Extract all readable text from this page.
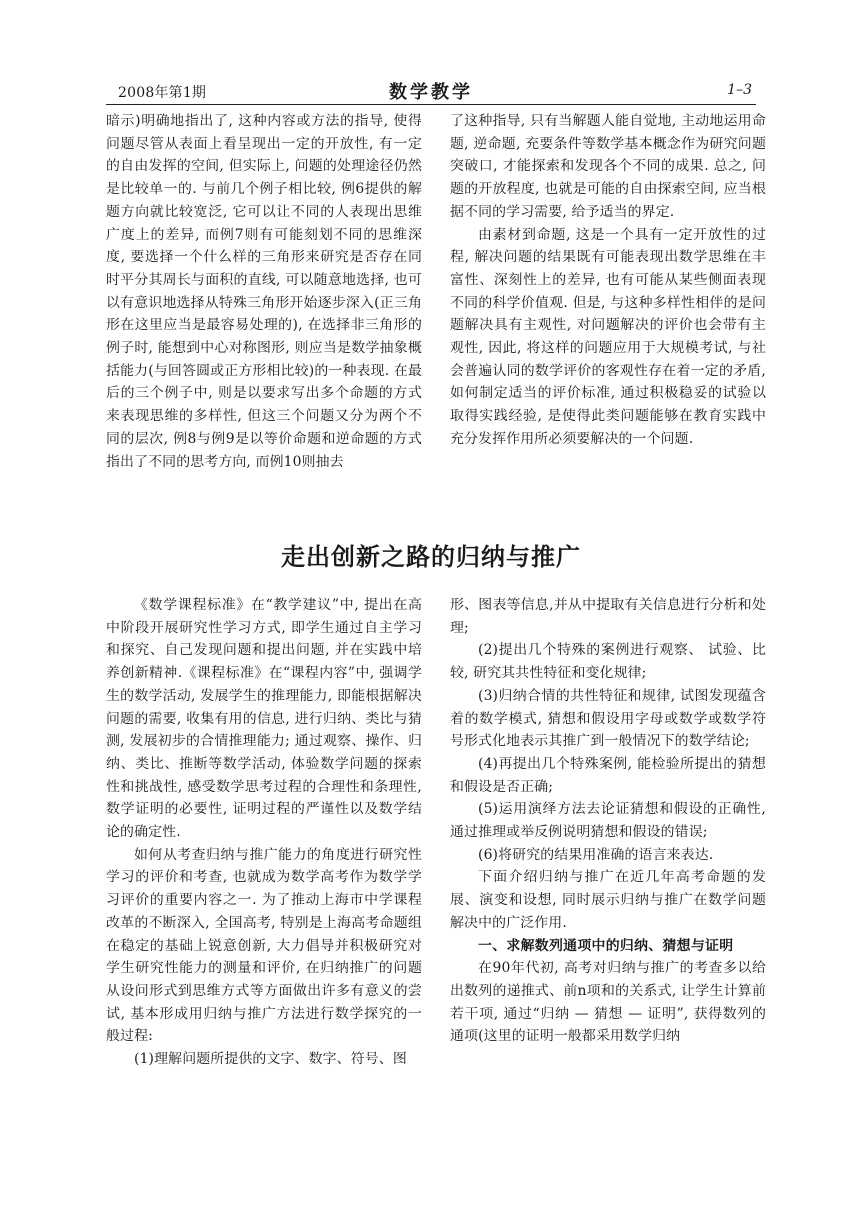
2008年第1期	数学教学	1–3

暗示)明确地指出了, 这种内容或方法的指导, 使得问题尽管从表面上看呈现出一定的开放性, 有一定的自由发挥的空间, 但实际上, 问题的处理途径仍然是比较单一的. 与前几个例子相比较, 例6提供的解题方向就比较宽泛, 它可以让不同的人表现出思维广度上的差异, 而例7则有可能刻划不同的思维深度, 要选择一个什么样的三角形来研究是否存在同时平分其周长与面积的直线, 可以随意地选择, 也可以有意识地选择从特殊三角形开始逐步深入(正三角形在这里应当是最容易处理的), 在选择非三角形的例子时, 能想到中心对称图形, 则应当是数学抽象概括能力(与回答圆或正方形相比较)的一种表现. 在最后的三个例子中, 则是以要求写出多个命题的方式来表现思维的多样性, 但这三个问题又分为两个不同的层次, 例8与例9是以等价命题和逆命题的方式指出了不同的思考方向, 而例10则抽去

了这种指导, 只有当解题人能自觉地, 主动地运用命题, 逆命题, 充要条件等数学基本概念作为研究问题突破口, 才能探索和发现各个不同的成果. 总之, 问题的开放程度, 也就是可能的自由探索空间, 应当根据不同的学习需要, 给予适当的界定.

由素材到命题, 这是一个具有一定开放性的过程, 解决问题的结果既有可能表现出数学思维在丰富性、深刻性上的差异, 也有可能从某些侧面表现不同的科学价值观. 但是, 与这种多样性相伴的是问题解决具有主观性, 对问题解决的评价也会带有主观性, 因此, 将这样的问题应用于大规模考试, 与社会普遍认同的数学评价的客观性存在着一定的矛盾, 如何制定适当的评价标准, 通过积极稳妥的试验以取得实践经验, 是使得此类问题能够在教育实践中充分发挥作用所必须要解决的一个问题.

走出创新之路的归纳与推广

《数学课程标准》在“教学建议”中, 提出在高中阶段开展研究性学习方式, 即学生通过自主学习和探究、自己发现问题和提出问题, 并在实践中培养创新精神.《课程标准》在“课程内容”中, 强调学生的数学活动, 发展学生的推理能力, 即能根据解决问题的需要, 收集有用的信息, 进行归纳、类比与猜测, 发展初步的合情推理能力; 通过观察、操作、归纳、类比、推断等数学活动, 体验数学问题的探索性和挑战性, 感受数学思考过程的合理性和条理性, 数学证明的必要性, 证明过程的严谨性以及数学结论的确定性.

如何从考查归纳与推广能力的角度进行研究性学习的评价和考查, 也就成为数学高考作为数学学习评价的重要内容之一. 为了推动上海市中学课程改革的不断深入, 全国高考, 特别是上海高考命题组在稳定的基础上锐意创新, 大力倡导并积极研究对学生研究性能力的测量和评价, 在归纳推广的问题从设问形式到思维方式等方面做出许多有意义的尝试, 基本形成用归纳与推广方法进行数学探究的一般过程:

(1)理解问题所提供的文字、数字、符号、图

形、图表等信息,并从中提取有关信息进行分析和处理;

(2)提出几个特殊的案例进行观察、 试验、比较, 研究其共性特征和变化规律;

(3)归纳合情的共性特征和规律, 试图发现蕴含着的数学模式, 猜想和假设用字母或数学或数学符号形式化地表示其推广到一般情况下的数学结论;

(4)再提出几个特殊案例, 能检验所提出的猜想和假设是否正确;

(5)运用演绎方法去论证猜想和假设的正确性, 通过推理或举反例说明猜想和假设的错误;

(6)将研究的结果用准确的语言来表达.

下面介绍归纳与推广在近几年高考命题的发展、演变和设想, 同时展示归纳与推广在数学问题解决中的广泛作用.

一、求解数列通项中的归纳、猜想与证明

在90年代初, 高考对归纳与推广的考查多以给出数列的递推式、前n项和的关系式, 让学生计算前若干项, 通过“归纳 — 猜想 — 证明”, 获得数列的通项(这里的证明一般都采用数学归纳
